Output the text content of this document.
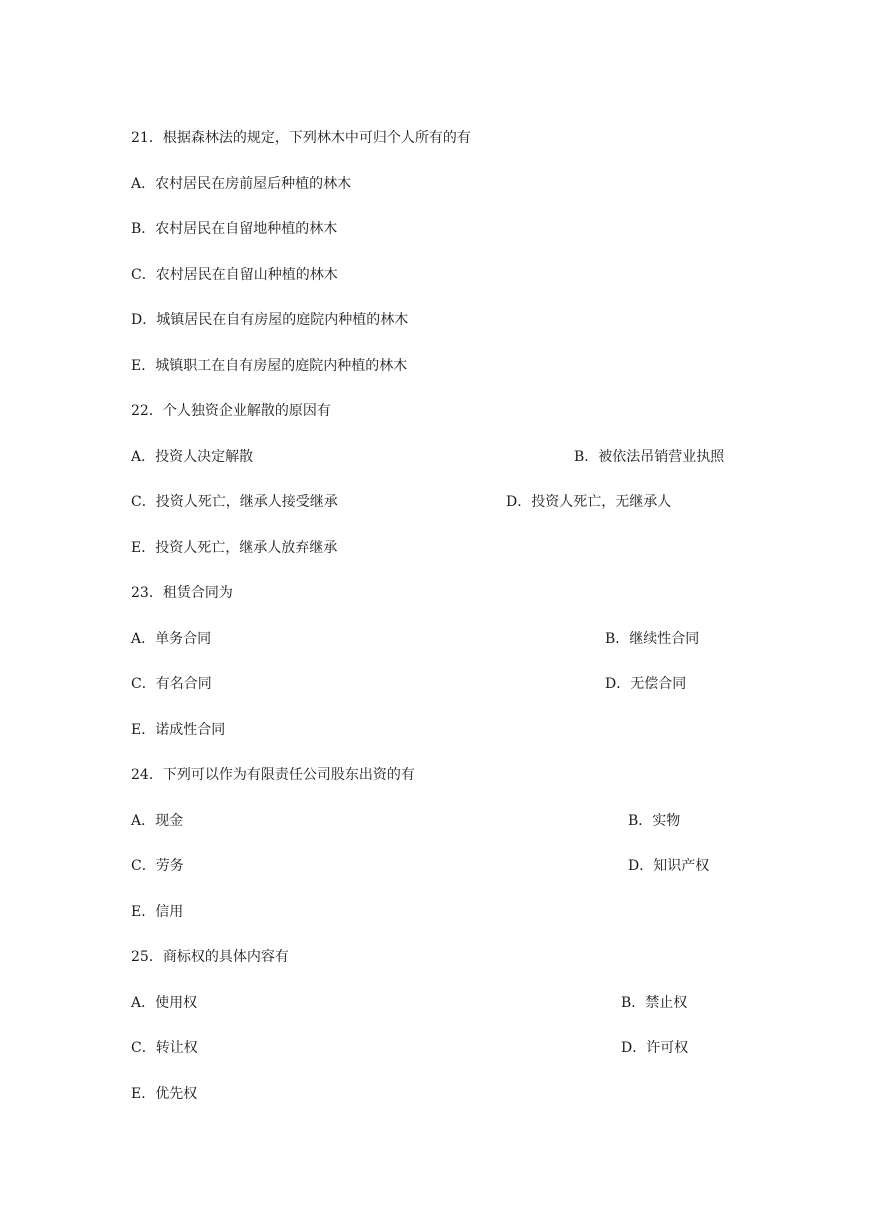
21．根据森林法的规定，下列林木中可归个人所有的有
A．农村居民在房前屋后种植的林木
B．农村居民在自留地种植的林木
C．农村居民在自留山种植的林木
D．城镇居民在自有房屋的庭院内种植的林木
E．城镇职工在自有房屋的庭院内种植的林木
22．个人独资企业解散的原因有
A．投资人决定解散	B．被依法吊销营业执照
C．投资人死亡，继承人接受继承	D．投资人死亡，无继承人
E．投资人死亡，继承人放弃继承
23．租赁合同为
A．单务合同	B．继续性合同
C．有名合同	D．无偿合同
E．诺成性合同
24．下列可以作为有限责任公司股东出资的有
A．现金	B．实物
C．劳务	D．知识产权
E．信用
25．商标权的具体内容有
A．使用权	B．禁止权
C．转让权	D．许可权
E．优先权
